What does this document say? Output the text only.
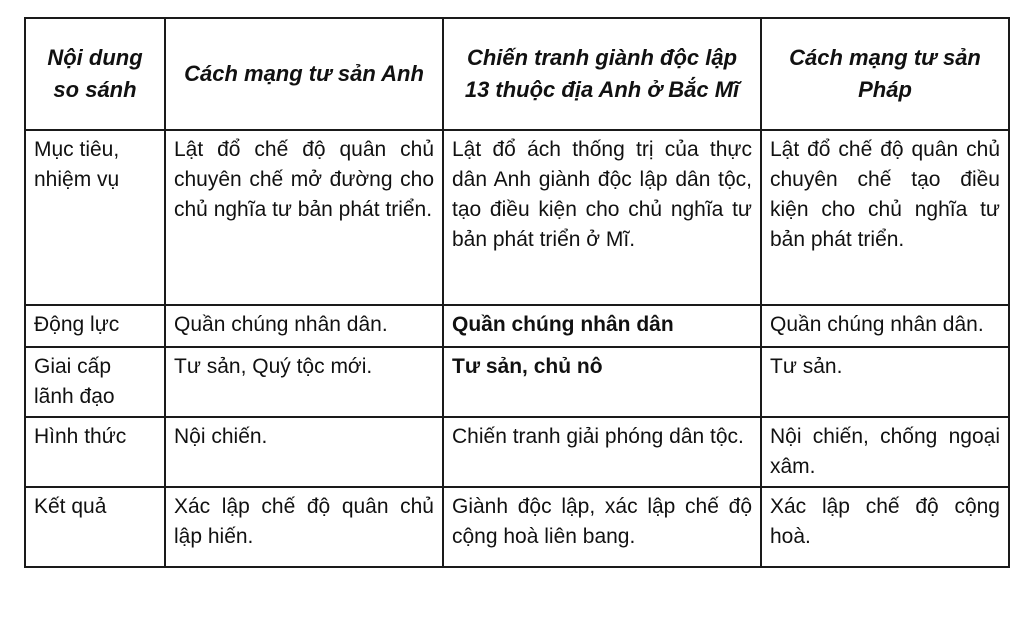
Nội dung so sánh	Cách mạng tư sản Anh	Chiến tranh giành độc lập 13 thuộc địa Anh ở Bắc Mĩ	Cách mạng tư sản Pháp
Mục tiêu, nhiệm vụ	Lật đổ chế độ quân chủ chuyên chế mở đường cho chủ nghĩa tư bản phát triển.	Lật đổ ách thống trị của thực dân Anh giành độc lập dân tộc, tạo điều kiện cho chủ nghĩa tư bản phát triển ở Mĩ.	Lật đổ chế độ quân chủ chuyên chế tạo điều kiện cho chủ nghĩa tư bản phát triển.
Động lực	Quần chúng nhân dân.	Quần chúng nhân dân	Quần chúng nhân dân.
Giai cấp lãnh đạo	Tư sản, Quý tộc mới.	Tư sản, chủ nô	Tư sản.
Hình thức	Nội chiến.	Chiến tranh giải phóng dân tộc.	Nội chiến, chống ngoại xâm.
Kết quả	Xác lập chế độ quân chủ lập hiến.	Giành độc lập, xác lập chế độ cộng hoà liên bang.	Xác lập chế độ cộng hoà.
